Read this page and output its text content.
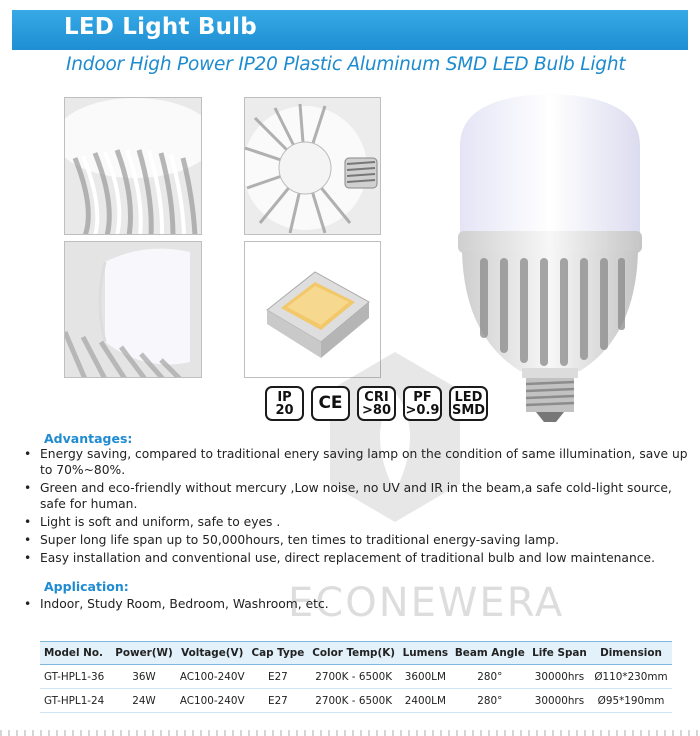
LED Light Bulb
Indoor High Power IP20 Plastic Aluminum SMD LED Bulb Light
ECONEWERA
IP
20 CE CRI
>80
PF
>0.9
LED
SMD
Advantages:
• Energy saving, compared to traditional enery saving lamp on the condition of same illumination, save up to 70%~80%.
• Green and eco-friendly without mercury ,Low noise, no UV and IR in the beam,a safe cold-light source, safe for human.
• Light is soft and uniform, safe to eyes .
• Super long life span up to 50,000hours, ten times to traditional energy-saving lamp.
• Easy installation and conventional use, direct replacement of traditional bulb and low maintenance.
Application:
• Indoor, Study Room, Bedroom, Washroom, etc.
Model No.	Power(W)	Voltage(V)	Cap Type	Color Temp(K)	Lumens	Beam Angle	Life Span	Dimension
GT-HPL1-36	36W	AC100-240V	E27	2700K - 6500K	3600LM	280°	30000hrs	Ø110*230mm
GT-HPL1-24	24W	AC100-240V	E27	2700K - 6500K	2400LM	280°	30000hrs	Ø95*190mm
